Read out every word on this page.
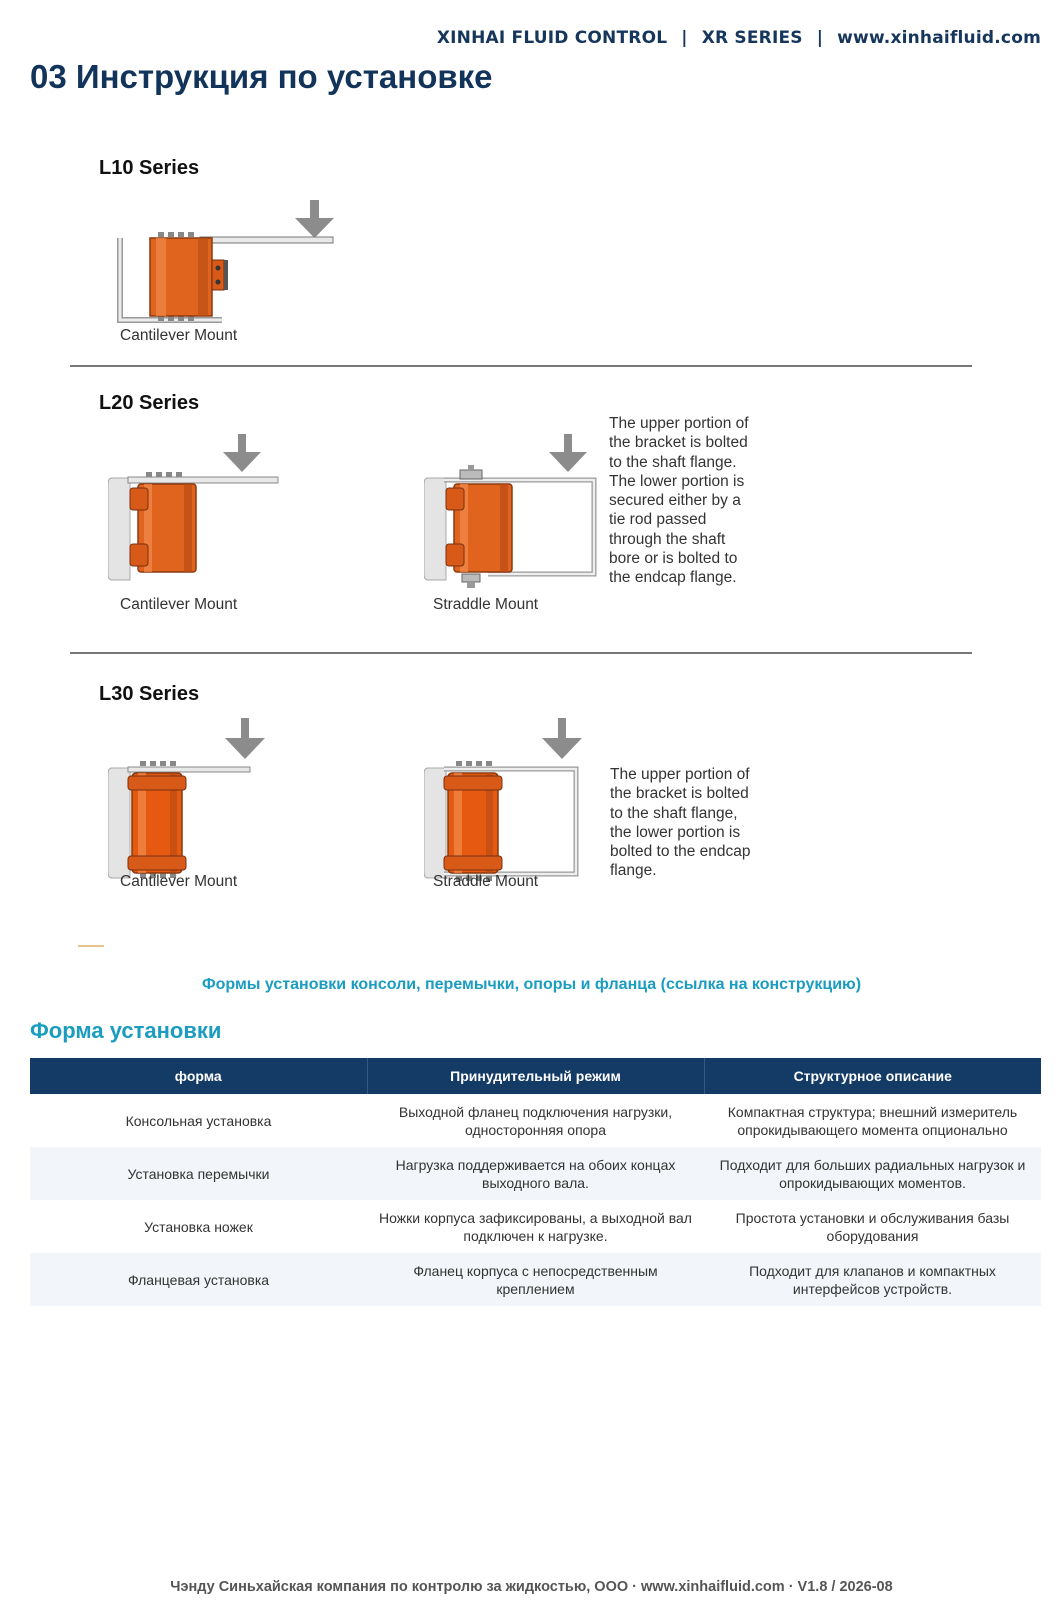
XINHAI FLUID CONTROL | XR SERIES | www.xinhaifluid.com
03 Инструкция по установке
L10 Series
Cantilever Mount
L20 Series
Cantilever Mount	Straddle Mount
The upper portion of the bracket is bolted to the shaft flange. The lower portion is secured either by a tie rod passed through the shaft bore or is bolted to the endcap flange.
L30 Series
Cantilever Mount	Straddle Mount
The upper portion of the bracket is bolted to the shaft flange, the lower portion is bolted to the endcap flange.
Формы установки консоли, перемычки, опоры и фланца (ссылка на конструкцию)
Форма установки
форма	Принудительный режим	Структурное описание
Консольная установка	Выходной фланец подключения нагрузки, односторонняя опора	Компактная структура; внешний измеритель опрокидывающего момента опционально
Установка перемычки	Нагрузка поддерживается на обоих концах выходного вала.	Подходит для больших радиальных нагрузок и опрокидывающих моментов.
Установка ножек	Ножки корпуса зафиксированы, а выходной вал подключен к нагрузке.	Простота установки и обслуживания базы оборудования
Фланцевая установка	Фланец корпуса с непосредственным креплением	Подходит для клапанов и компактных интерфейсов устройств.
Чэнду Синьхайская компания по контролю за жидкостью, ООО · www.xinhaifluid.com · V1.8 / 2026-08
